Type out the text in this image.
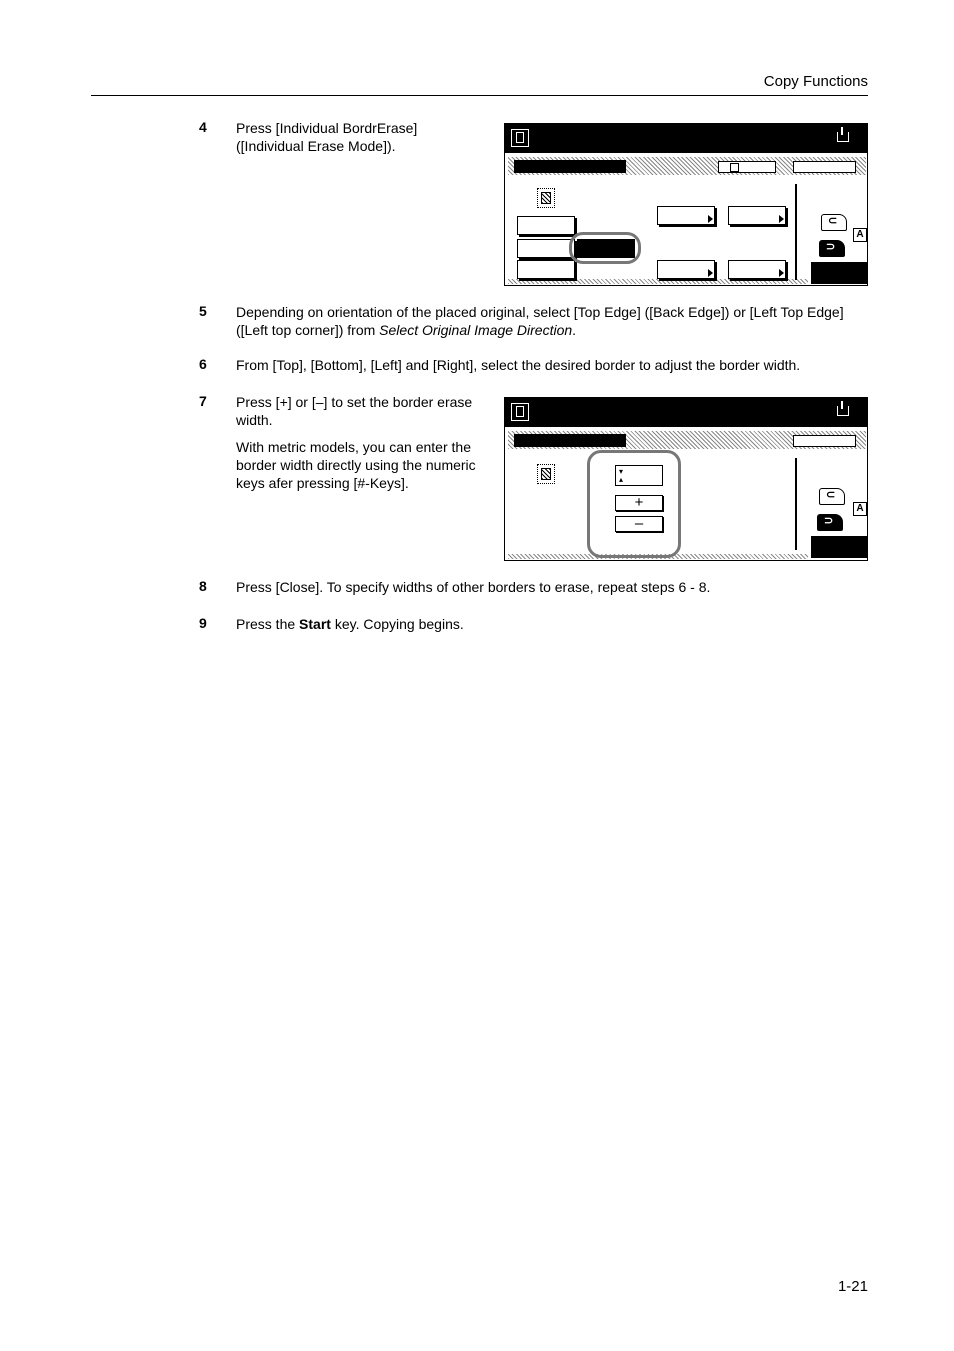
Copy Functions
4 Press [Individual BordrErase] ([Individual Erase Mode]).
⊂
⊃
A
5 Depending on orientation of the placed original, select [Top Edge] ([Back Edge]) or [Left Top Edge] ([Left top corner]) from Select Original Image Direction.
6 From [Top], [Bottom], [Left] and [Right], select the desired border to adjust the border width.
7 Press [+] or [–] to set the border erase width.
With metric models, you can enter the border width directly using the numeric keys afer pressing [#-Keys].
▾
▴
+
–
⊂
⊃
A
8 Press [Close]. To specify widths of other borders to erase, repeat steps 6 - 8.
9 Press the Start key. Copying begins.
1-21
